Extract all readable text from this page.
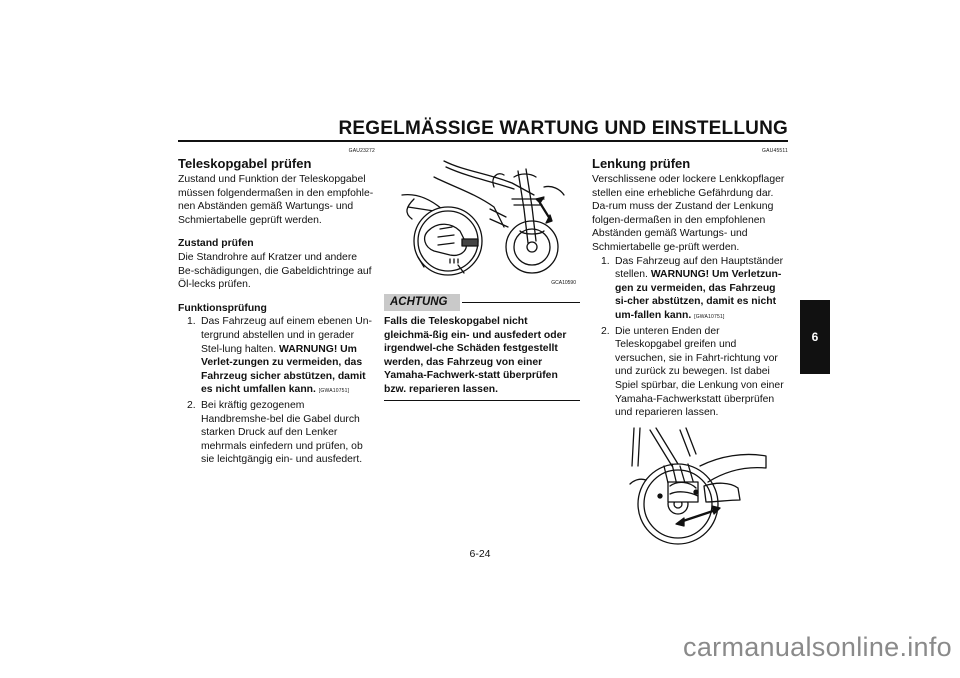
REGELMÄSSIGE WARTUNG UND EINSTELLUNG
GAU23272
Teleskopgabel prüfen

Zustand und Funktion der Teleskopgabel müssen folgendermaßen in den empfohle-nen Abständen gemäß Wartungs- und Schmiertabelle geprüft werden.

Zustand prüfen

Die Standrohre auf Kratzer und andere Be-schädigungen, die Gabeldichtringe auf Öl-lecks prüfen.

Funktionsprüfung
1. Das Fahrzeug auf einem ebenen Un-tergrund abstellen und in gerader Stel-lung halten. WARNUNG! Um Verlet-zungen zu vermeiden, das Fahrzeug sicher abstützen, damit es nicht umfallen kann. [GWA10751]
2. Bei kräftig gezogenem Handbremshe-bel die Gabel durch starken Druck auf den Lenker mehrmals einfedern und prüfen, ob sie leichtgängig ein- und ausfedert.
GCA10590
ACHTUNG

Falls die Teleskopgabel nicht gleichmä-ßig ein- und ausfedert oder irgendwel-che Schäden festgestellt werden, das Fahrzeug von einer Yamaha-Fachwerk-statt überprüfen bzw. reparieren lassen.

GAU45511
Lenkung prüfen

Verschlissene oder lockere Lenkkopflager stellen eine erhebliche Gefährdung dar. Da-rum muss der Zustand der Lenkung folgen-dermaßen in den empfohlenen Abständen gemäß Wartungs- und Schmiertabelle ge-prüft werden.

1. Das Fahrzeug auf den Hauptständer stellen. WARNUNG! Um Verletzun-gen zu vermeiden, das Fahrzeug si-cher abstützen, damit es nicht um-fallen kann. [GWA10751]
2. Die unteren Enden der Teleskopgabel greifen und versuchen, sie in Fahrt-richtung vor und zurück zu bewegen. Ist dabei Spiel spürbar, die Lenkung von einer Yamaha-Fachwerkstatt überprüfen und reparieren lassen.
6
6-24
carmanualsonline.info
